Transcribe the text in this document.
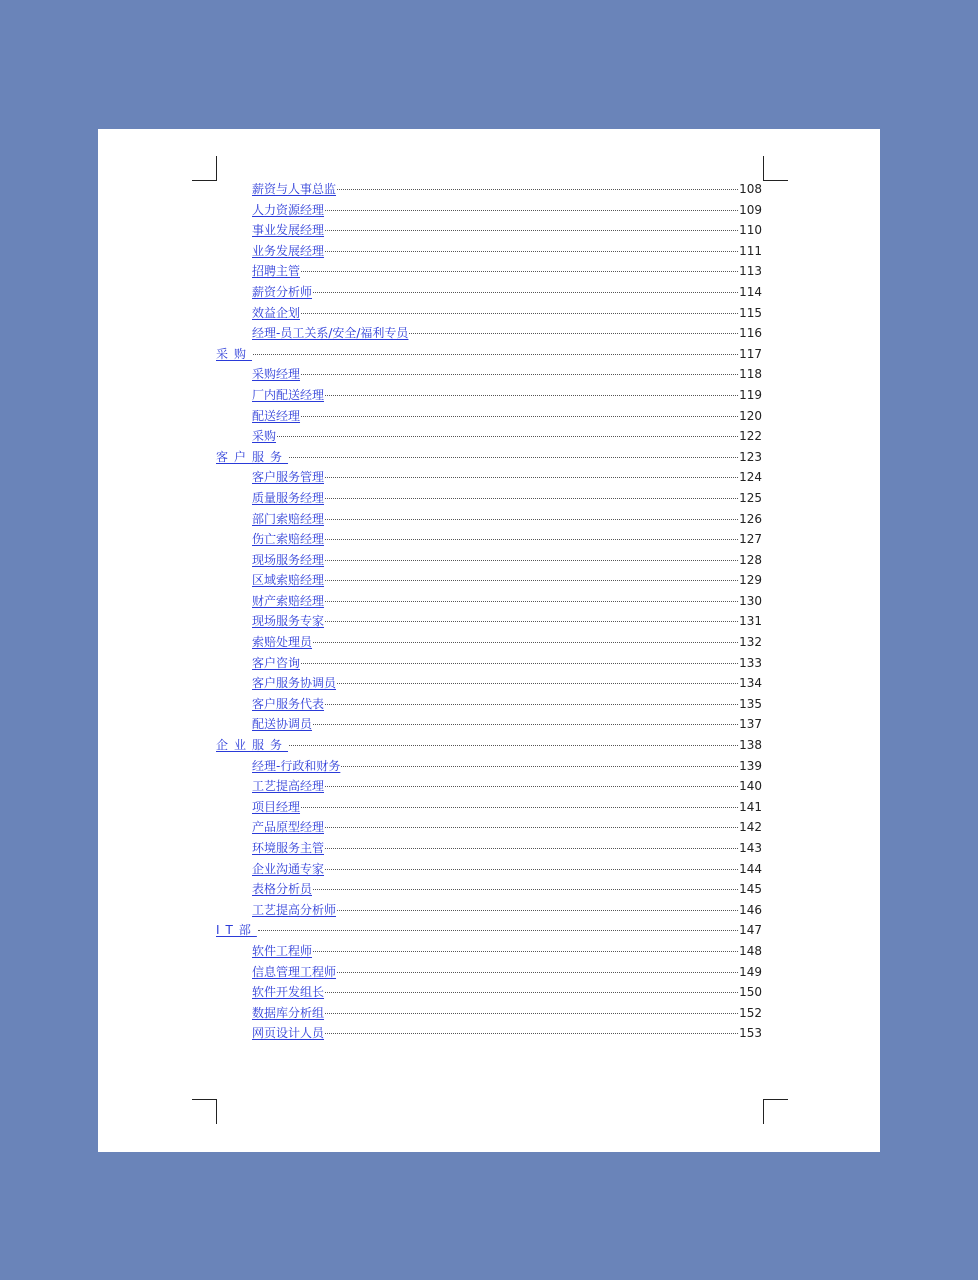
薪资与人事总监	108
人力资源经理	109
事业发展经理	110
业务发展经理	111
招聘主管	113
薪资分析师	114
效益企划	115
经理-员工关系/安全/福利专员	116
采购	117
采购经理	118
厂内配送经理	119
配送经理	120
采购	122
客户服务	123
客户服务管理	124
质量服务经理	125
部门索赔经理	126
伤亡索赔经理	127
现场服务经理	128
区域索赔经理	129
财产索赔经理	130
现场服务专家	131
索赔处理员	132
客户咨询	133
客户服务协调员	134
客户服务代表	135
配送协调员	137
企业服务	138
经理-行政和财务	139
工艺提高经理	140
项目经理	141
产品原型经理	142
环境服务主管	143
企业沟通专家	144
表格分析员	145
工艺提高分析师	146
IT部	147
软件工程师	148
信息管理工程师	149
软件开发组长	150
数据库分析组	152
网页设计人员	153
